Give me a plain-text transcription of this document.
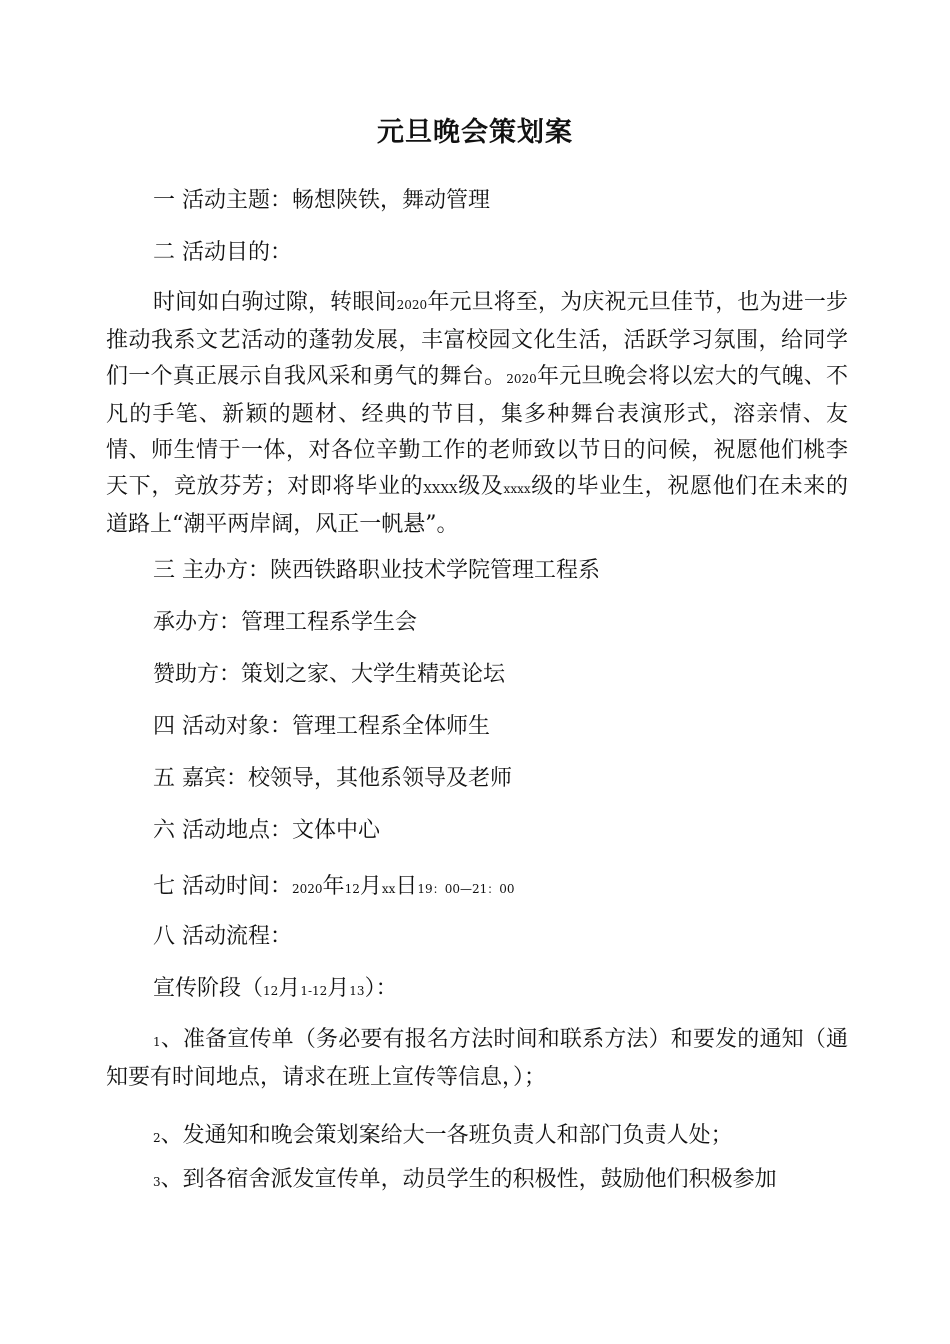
元旦晚会策划案

一 活动主题：畅想陕铁，舞动管理

二 活动目的：

时间如白驹过隙，转眼间2020年元旦将至，为庆祝元旦佳节，也为进一步推动我系文艺活动的蓬勃发展，丰富校园文化生活，活跃学习氛围，给同学们一个真正展示自我风采和勇气的舞台。2020年元旦晚会将以宏大的气魄、不凡的手笔、新颖的题材、经典的节目，集多种舞台表演形式，溶亲情、友情、师生情于一体，对各位辛勤工作的老师致以节日的问候，祝愿他们桃李天下，竞放芬芳；对即将毕业的XXXX级及xxxx级的毕业生，祝愿他们在未来的道路上“潮平两岸阔，风正一帆悬”。

三 主办方：陕西铁路职业技术学院管理工程系

承办方：管理工程系学生会

赞助方：策划之家、大学生精英论坛

四 活动对象：管理工程系全体师生

五 嘉宾：校领导，其他系领导及老师

六 活动地点：文体中心

七 活动时间：2020年12月xx日19：00—21：00

八 活动流程：

宣传阶段（12月1-12月13）：

1、准备宣传单（务必要有报名方法时间和联系方法）和要发的通知（通知要有时间地点，请求在班上宣传等信息，）；

2、发通知和晚会策划案给大一各班负责人和部门负责人处；

3、到各宿舍派发宣传单，动员学生的积极性，鼓励他们积极参加
